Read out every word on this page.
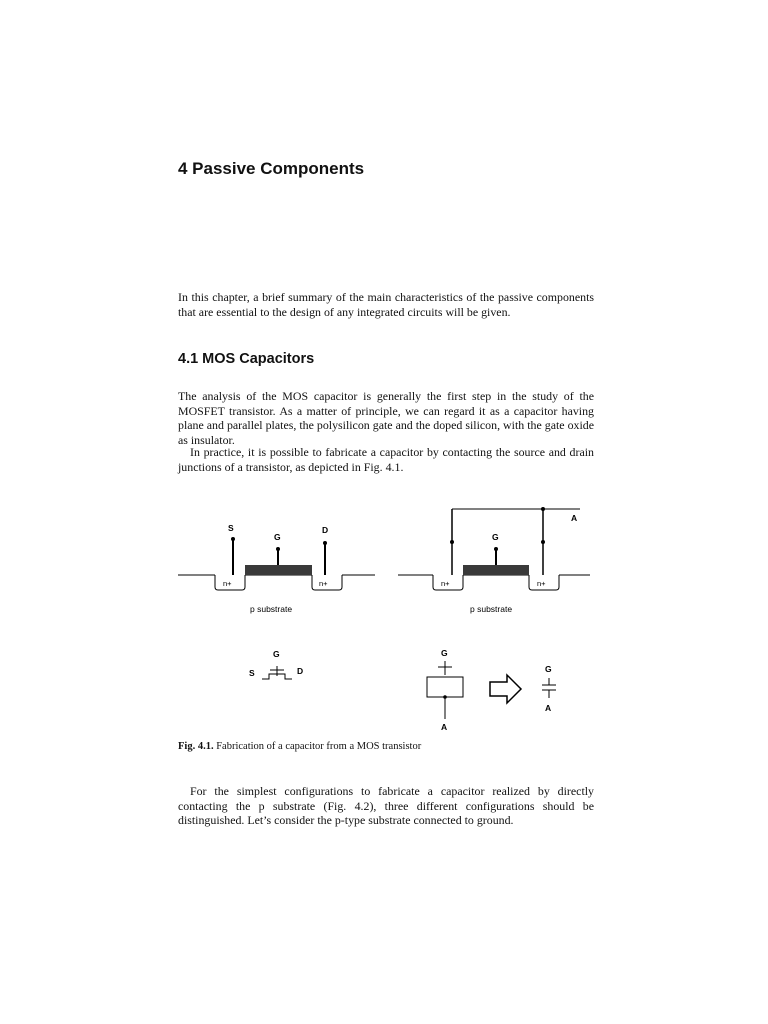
4 Passive Components

In this chapter, a brief summary of the main characteristics of the passive components that are essential to the design of any integrated circuits will be given.

4.1 MOS Capacitors

The analysis of the MOS capacitor is generally the first step in the study of the MOSFET transistor. As a matter of principle, we can regard it as a capacitor having plane and parallel plates, the polysilicon gate and the doped silicon, with the gate oxide as insulator.

In practice, it is possible to fabricate a capacitor by contacting the source and drain junctions of a transistor, as depicted in Fig. 4.1.

S
G
D
n+	n+
p substrate
A
G
n+	n+
p substrate
G
S	D
G
A
G
A

Fig. 4.1. Fabrication of a capacitor from a MOS transistor

For the simplest configurations to fabricate a capacitor realized by directly contacting the p substrate (Fig. 4.2), three different configurations should be distinguished. Let’s consider the p-type substrate connected to ground.
